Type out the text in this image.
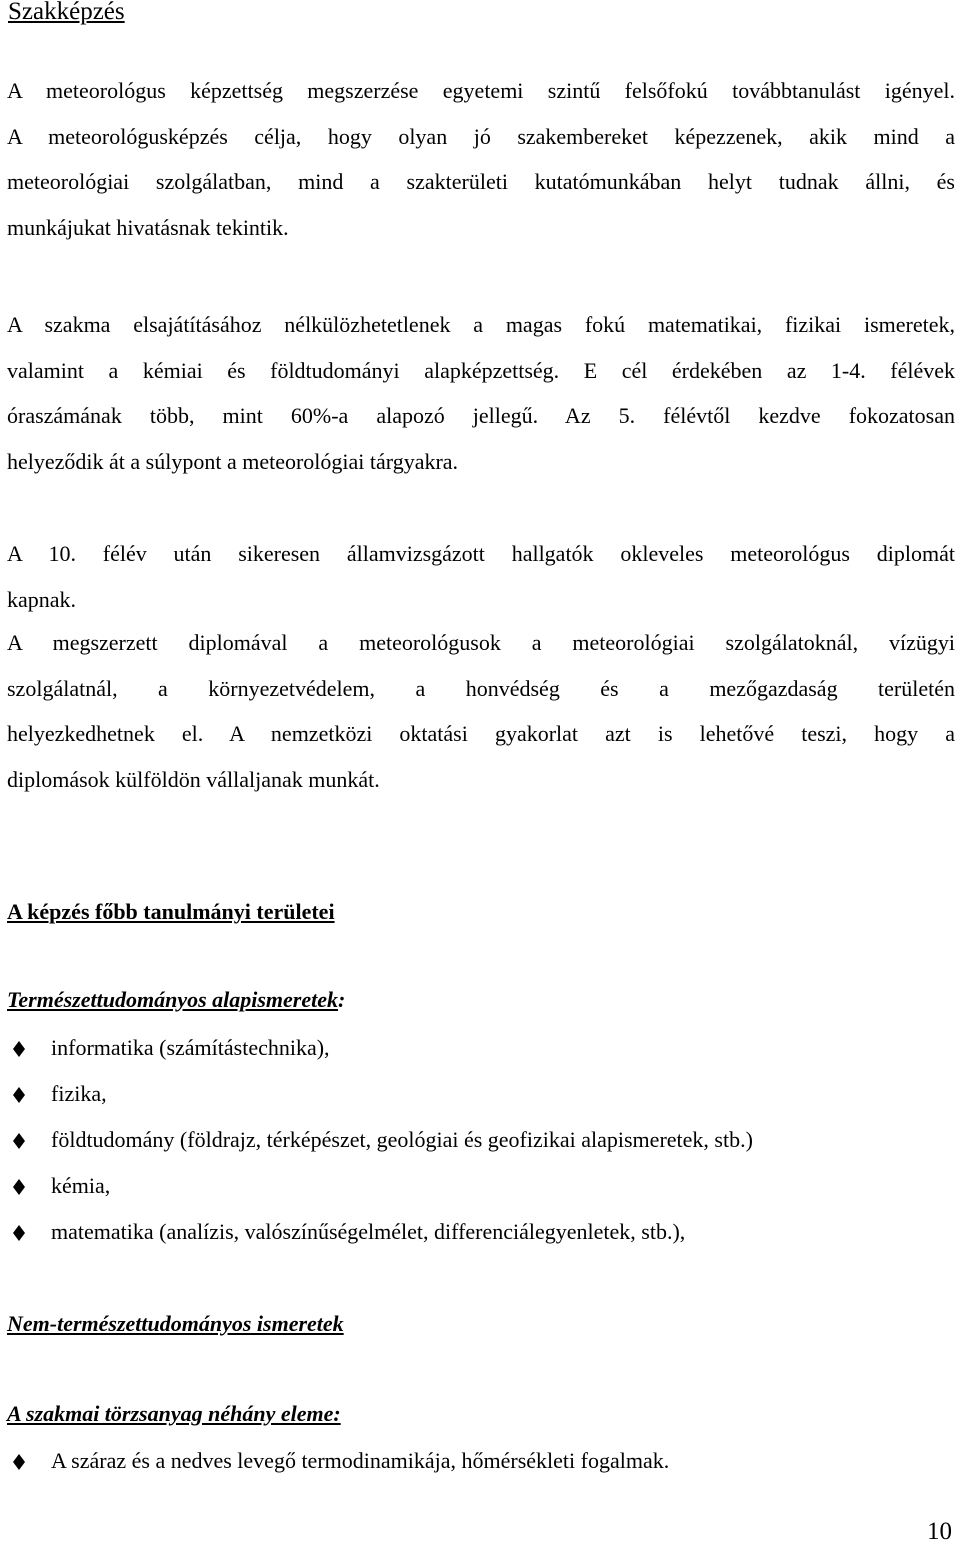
Szakképzés

A meteorológus képzettség megszerzése egyetemi szintű felsőfokú továbbtanulást igényel.
A meteorológusképzés célja, hogy olyan jó szakembereket képezzenek, akik mind a
meteorológiai szolgálatban, mind a szakterületi kutatómunkában helyt tudnak állni, és
munkájukat hivatásnak tekintik.

A szakma elsajátításához nélkülözhetetlenek a magas fokú matematikai, fizikai ismeretek,
valamint a kémiai és földtudományi alapképzettség. E cél érdekében az 1-4. félévek
óraszámának több, mint 60%-a alapozó jellegű. Az 5. félévtől kezdve fokozatosan
helyeződik át a súlypont a meteorológiai tárgyakra.

A 10. félév után sikeresen államvizsgázott hallgatók okleveles meteorológus diplomát
kapnak.

A megszerzett diplomával a meteorológusok a meteorológiai szolgálatoknál, vízügyi
szolgálatnál, a környezetvédelem, a honvédség és a mezőgazdaság területén
helyezkedhetnek el. A nemzetközi oktatási gyakorlat azt is lehetővé teszi, hogy a
diplomások külföldön vállaljanak munkát.

A képzés főbb tanulmányi területei
Természettudományos alapismeretek:
informatika (számítástechnika),
fizika,
földtudomány (földrajz, térképészet, geológiai és geofizikai alapismeretek, stb.)
kémia,
matematika (analízis, valószínűségelmélet, differenciálegyenletek, stb.),
Nem-természettudományos ismeretek
A szakmai törzsanyag néhány eleme:
A száraz és a nedves levegő termodinamikája, hőmérsékleti fogalmak.
10
